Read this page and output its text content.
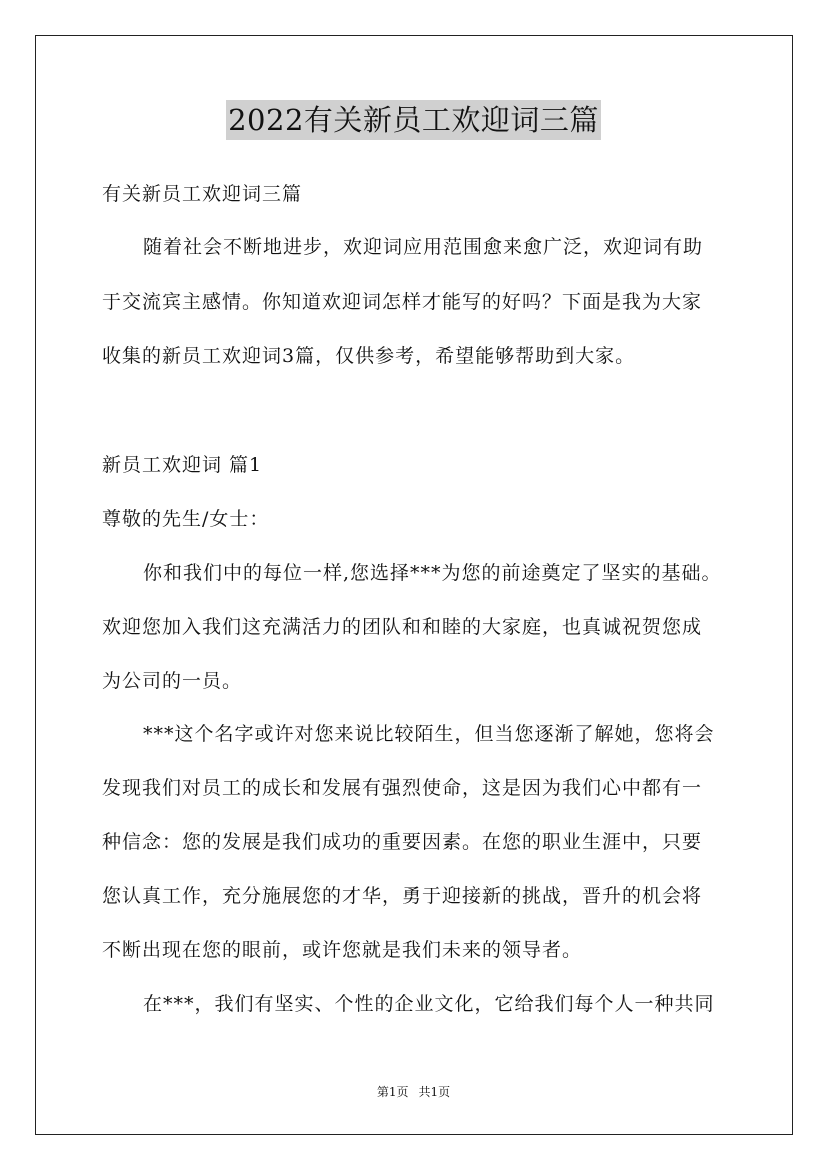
2022有关新员工欢迎词三篇

有关新员工欢迎词三篇

随着社会不断地进步，欢迎词应用范围愈来愈广泛，欢迎词有助

于交流宾主感情。你知道欢迎词怎样才能写的好吗？下面是我为大家

收集的新员工欢迎词3篇，仅供参考，希望能够帮助到大家。

新员工欢迎词 篇1

尊敬的先生/女士：

你和我们中的每位一样,您选择***为您的前途奠定了坚实的基础。

欢迎您加入我们这充满活力的团队和和睦的大家庭，也真诚祝贺您成

为公司的一员。

***这个名字或许对您来说比较陌生，但当您逐渐了解她，您将会

发现我们对员工的成长和发展有强烈使命，这是因为我们心中都有一

种信念：您的发展是我们成功的重要因素。在您的职业生涯中，只要

您认真工作，充分施展您的才华，勇于迎接新的挑战，晋升的机会将

不断出现在您的眼前，或许您就是我们未来的领导者。

在***，我们有坚实、个性的企业文化，它给我们每个人一种共同

第1页 共1页
